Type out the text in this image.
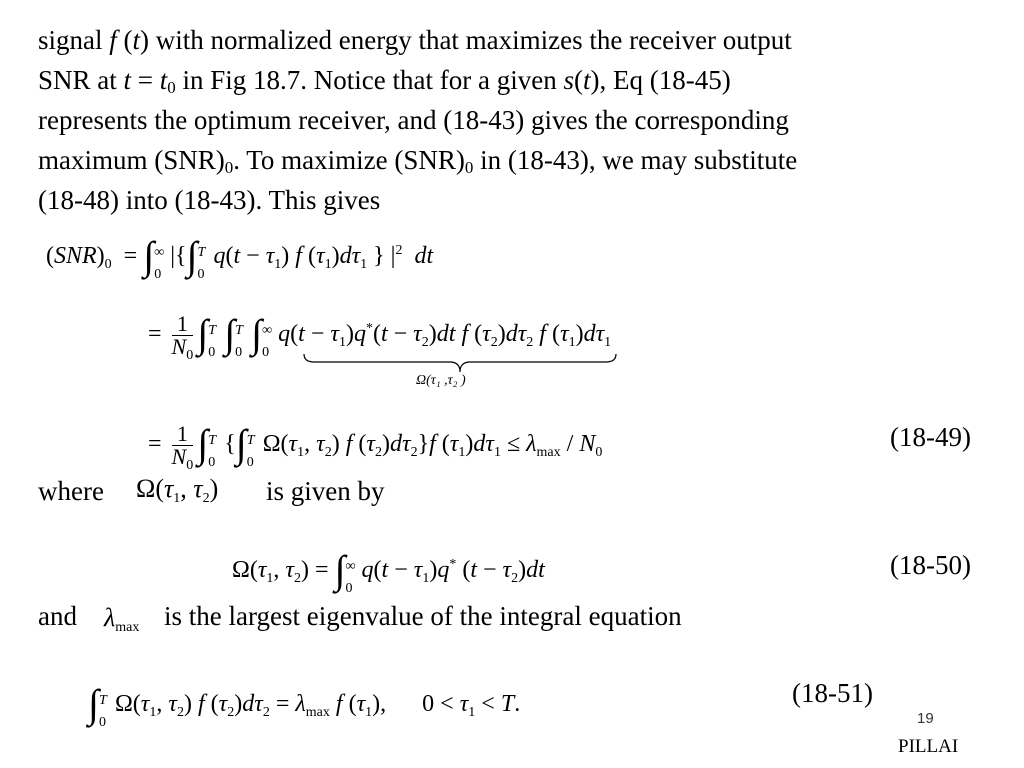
signal f (t) with normalized energy that maximizes the receiver output
SNR at $t = t_0$ in Fig 18.7. Notice that for a given s(t), Eq (18-45)
represents the optimum receiver, and (18-43) gives the corresponding
maximum $(SNR)_0$. To maximize $(SNR)_0$ in (18-43), we may substitute
(18-48) into (18-43). This gives
$(SNR)_0$  = ∫ ∞
0
|{∫ T
0
$q(t - \tau_1)$ f $(\tau_1)d\tau_1$ } $|^2$ dt
= $\frac{1}{N_0}$ ∫ T
0 ∫ T
0 ∫ ∞
0
$q(t - \tau_1)q^*(t - \tau_2)dt$ f $(\tau_2)d\tau_2$ f $(\tau_1)d\tau_1$
Ω(τ₁ ,τ₂ )
= $\frac{1}{N_0}$ ∫ T
0
{∫ T
0
$\Omega(\tau_1$, $\tau_2$) f $(\tau_2)d\tau_2\}f$ $(\tau_1)d\tau_1 \le \lambda_{max} / N_0$
(18-49)
where $\Omega(\tau_1$, $\tau_2$) is given by
$\Omega(\tau_1$, $\tau_2$) = ∫ ∞
0
$q(t - \tau_1)q^*$ $(t - \tau_2)dt$	(18-50)
and $\lambda_{max}$ is the largest eigenvalue of the integral equation
∫ T
0
$\Omega(\tau_1$, $\tau_2$) f $(\tau_2)d\tau_2 = \lambda_{max}$ f $(\tau_1)$,      $0 < \tau_1 < T$.	(18-51)
19
PILLAI
